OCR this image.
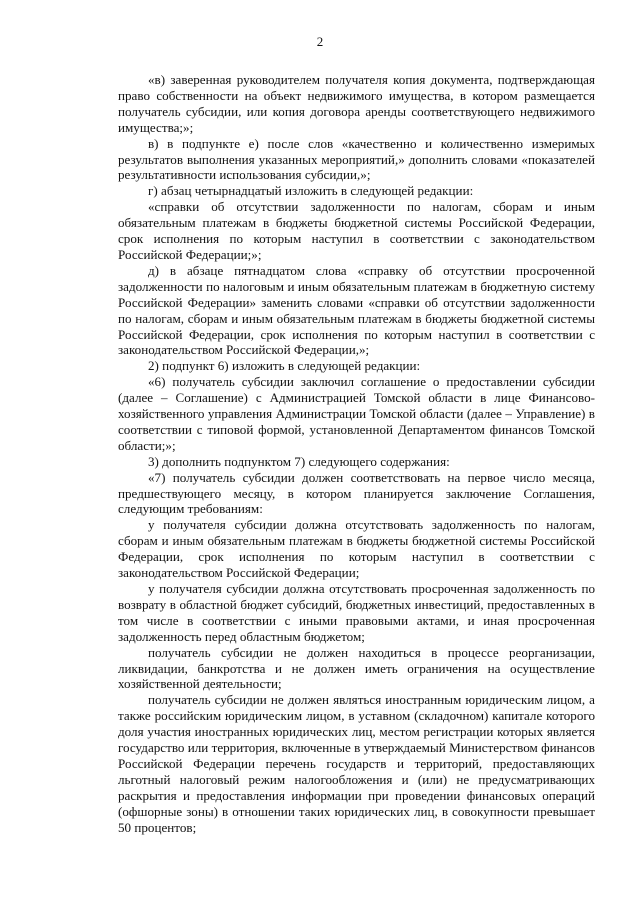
2

«в) заверенная руководителем получателя копия документа, подтверждающая право собственности на объект недвижимого имущества, в котором размещается получатель субсидии, или копия договора аренды соответствующего недвижимого имущества;»;

в) в подпункте е) после слов «качественно и количественно измеримых результатов выполнения указанных мероприятий,» дополнить словами «показателей результативности использования субсидии,»;

г) абзац четырнадцатый изложить в следующей редакции:

«справки об отсутствии задолженности по налогам, сборам и иным обязательным платежам в бюджеты бюджетной системы Российской Федерации, срок исполнения по которым наступил в соответствии с законодательством Российской Федерации;»;

д) в абзаце пятнадцатом слова «справку об отсутствии просроченной задолженности по налоговым и иным обязательным платежам в бюджетную систему Российской Федерации» заменить словами «справки об отсутствии задолженности по налогам, сборам и иным обязательным платежам в бюджеты бюджетной системы Российской Федерации, срок исполнения по которым наступил в соответствии с законодательством Российской Федерации,»;

2) подпункт 6) изложить в следующей редакции:

«6) получатель субсидии заключил соглашение о предоставлении субсидии (далее – Соглашение) с Администрацией Томской области в лице Финансово-хозяйственного управления Администрации Томской области (далее – Управление) в соответствии с типовой формой, установленной Департаментом финансов Томской области;»;

3) дополнить подпунктом 7) следующего содержания:

«7) получатель субсидии должен соответствовать на первое число месяца, предшествующего месяцу, в котором планируется заключение Соглашения, следующим требованиям:

у получателя субсидии должна отсутствовать задолженность по налогам, сборам и иным обязательным платежам в бюджеты бюджетной системы Российской Федерации, срок исполнения по которым наступил в соответствии с законодательством Российской Федерации;

у получателя субсидии должна отсутствовать просроченная задолженность по возврату в областной бюджет субсидий, бюджетных инвестиций, предоставленных в том числе в соответствии с иными правовыми актами, и иная просроченная задолженность перед областным бюджетом;

получатель субсидии не должен находиться в процессе реорганизации, ликвидации, банкротства и не должен иметь ограничения на осуществление хозяйственной деятельности;

получатель субсидии не должен являться иностранным юридическим лицом, а также российским юридическим лицом, в уставном (складочном) капитале которого доля участия иностранных юридических лиц, местом регистрации которых является государство или территория, включенные в утверждаемый Министерством финансов Российской Федерации перечень государств и территорий, предоставляющих льготный налоговый режим налогообложения и (или) не предусматривающих раскрытия и предоставления информации при проведении финансовых операций (офшорные зоны) в отношении таких юридических лиц, в совокупности превышает 50 процентов;
